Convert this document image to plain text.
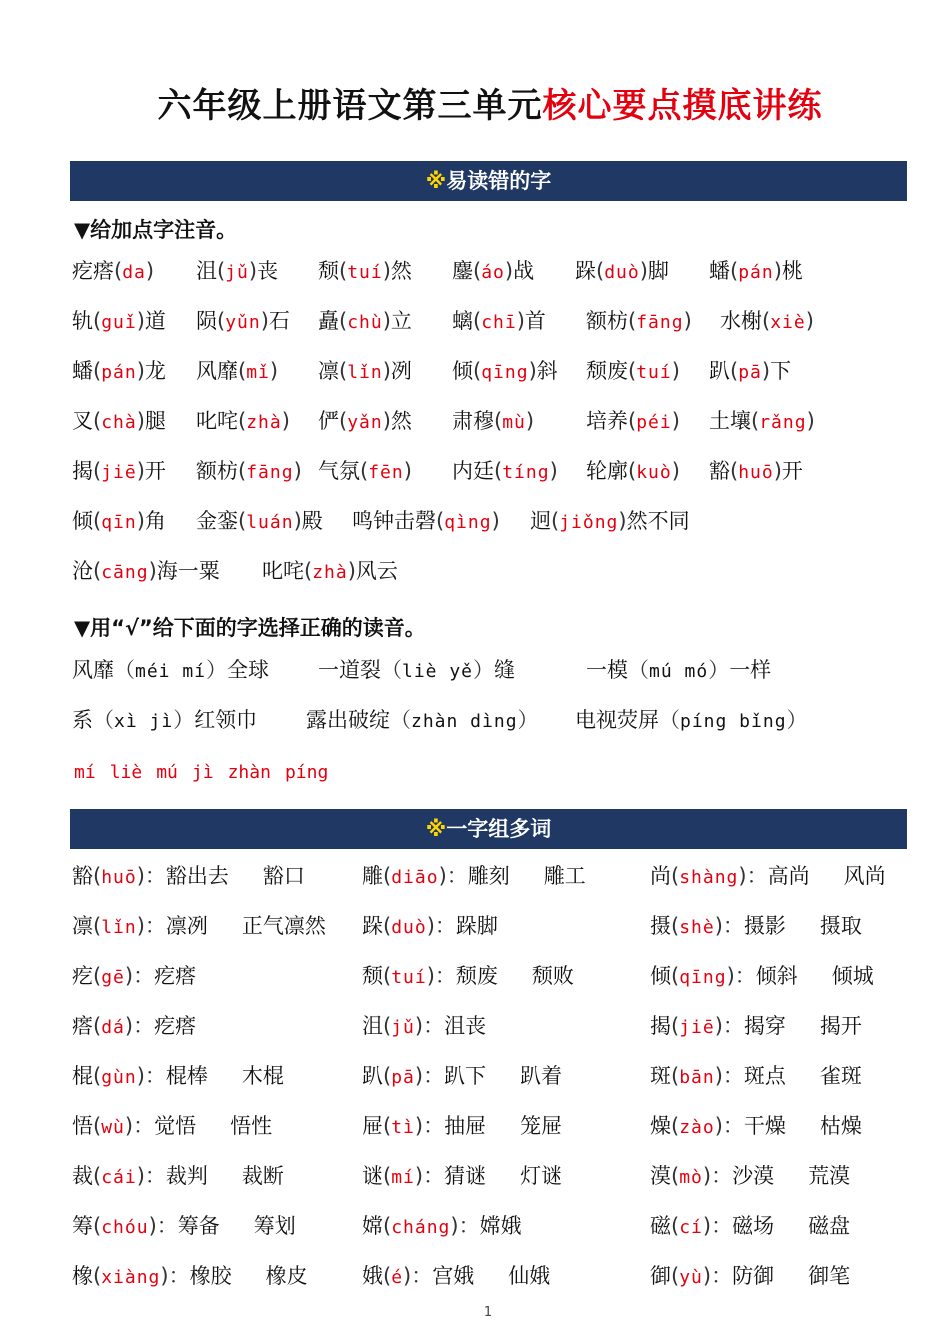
六年级上册语文第三单元核心要点摸底讲练
※易读错的字
▼给加点字注音。
疙瘩(da) 沮(jǔ)丧 颓(tuí)然 鏖(áo)战 跺(duò)脚 蟠(pán)桃
轨(guǐ)道 陨(yǔn)石 矗(chù)立 螭(chī)首 额枋(fāng) 水榭(xiè)
蟠(pán)龙 风靡(mǐ) 凛(lǐn)冽 倾(qīng)斜 颓废(tuí) 趴(pā)下
叉(chà)腿 叱咤(zhà) 俨(yǎn)然 肃穆(mù) 培养(péi) 土壤(rǎng)
揭(jiē)开 额枋(fāng) 气氛(fēn) 内廷(tíng) 轮廓(kuò) 豁(huō)开
倾(qīn)角 金銮(luán)殿 鸣钟击磬(qìng) 迥(jiǒng)然不同
沧(cāng)海一粟 叱咤(zhà)风云
▼用“√”给下面的字选择正确的读音。
风靡（méi mí）全球 一道裂（liè yě）缝	一模（mú mó）一样
系（xì jì）红领巾 露出破绽（zhàn dìng） 电视荧屏（píng bǐng）
mí liè mú jì zhàn píng
※一字组多词
豁(huō)：豁出去 豁口	雕(diāo)：雕刻 雕工	尚(shàng)：高尚 风尚
凛(lǐn)：凛冽 正气凛然 跺(duò)：跺脚	摄(shè)：摄影 摄取
疙(gē)：疙瘩	颓(tuí)：颓废 颓败	倾(qīng)：倾斜 倾城
瘩(dá)：疙瘩	沮(jǔ)：沮丧	揭(jiē)：揭穿 揭开
棍(gùn)：棍棒 木棍	趴(pā)：趴下 趴着	斑(bān)：斑点 雀斑
悟(wù)：觉悟 悟性	屉(tì)：抽屉 笼屉	燥(zào)：干燥 枯燥
裁(cái)：裁判 裁断	谜(mí)：猜谜 灯谜	漠(mò)：沙漠 荒漠
筹(chóu)：筹备 筹划	嫦(cháng)：嫦娥	磁(cí)：磁场 磁盘
橡(xiàng)：橡胶 橡皮	娥(é)：宫娥 仙娥	御(yù)：防御 御笔
1
